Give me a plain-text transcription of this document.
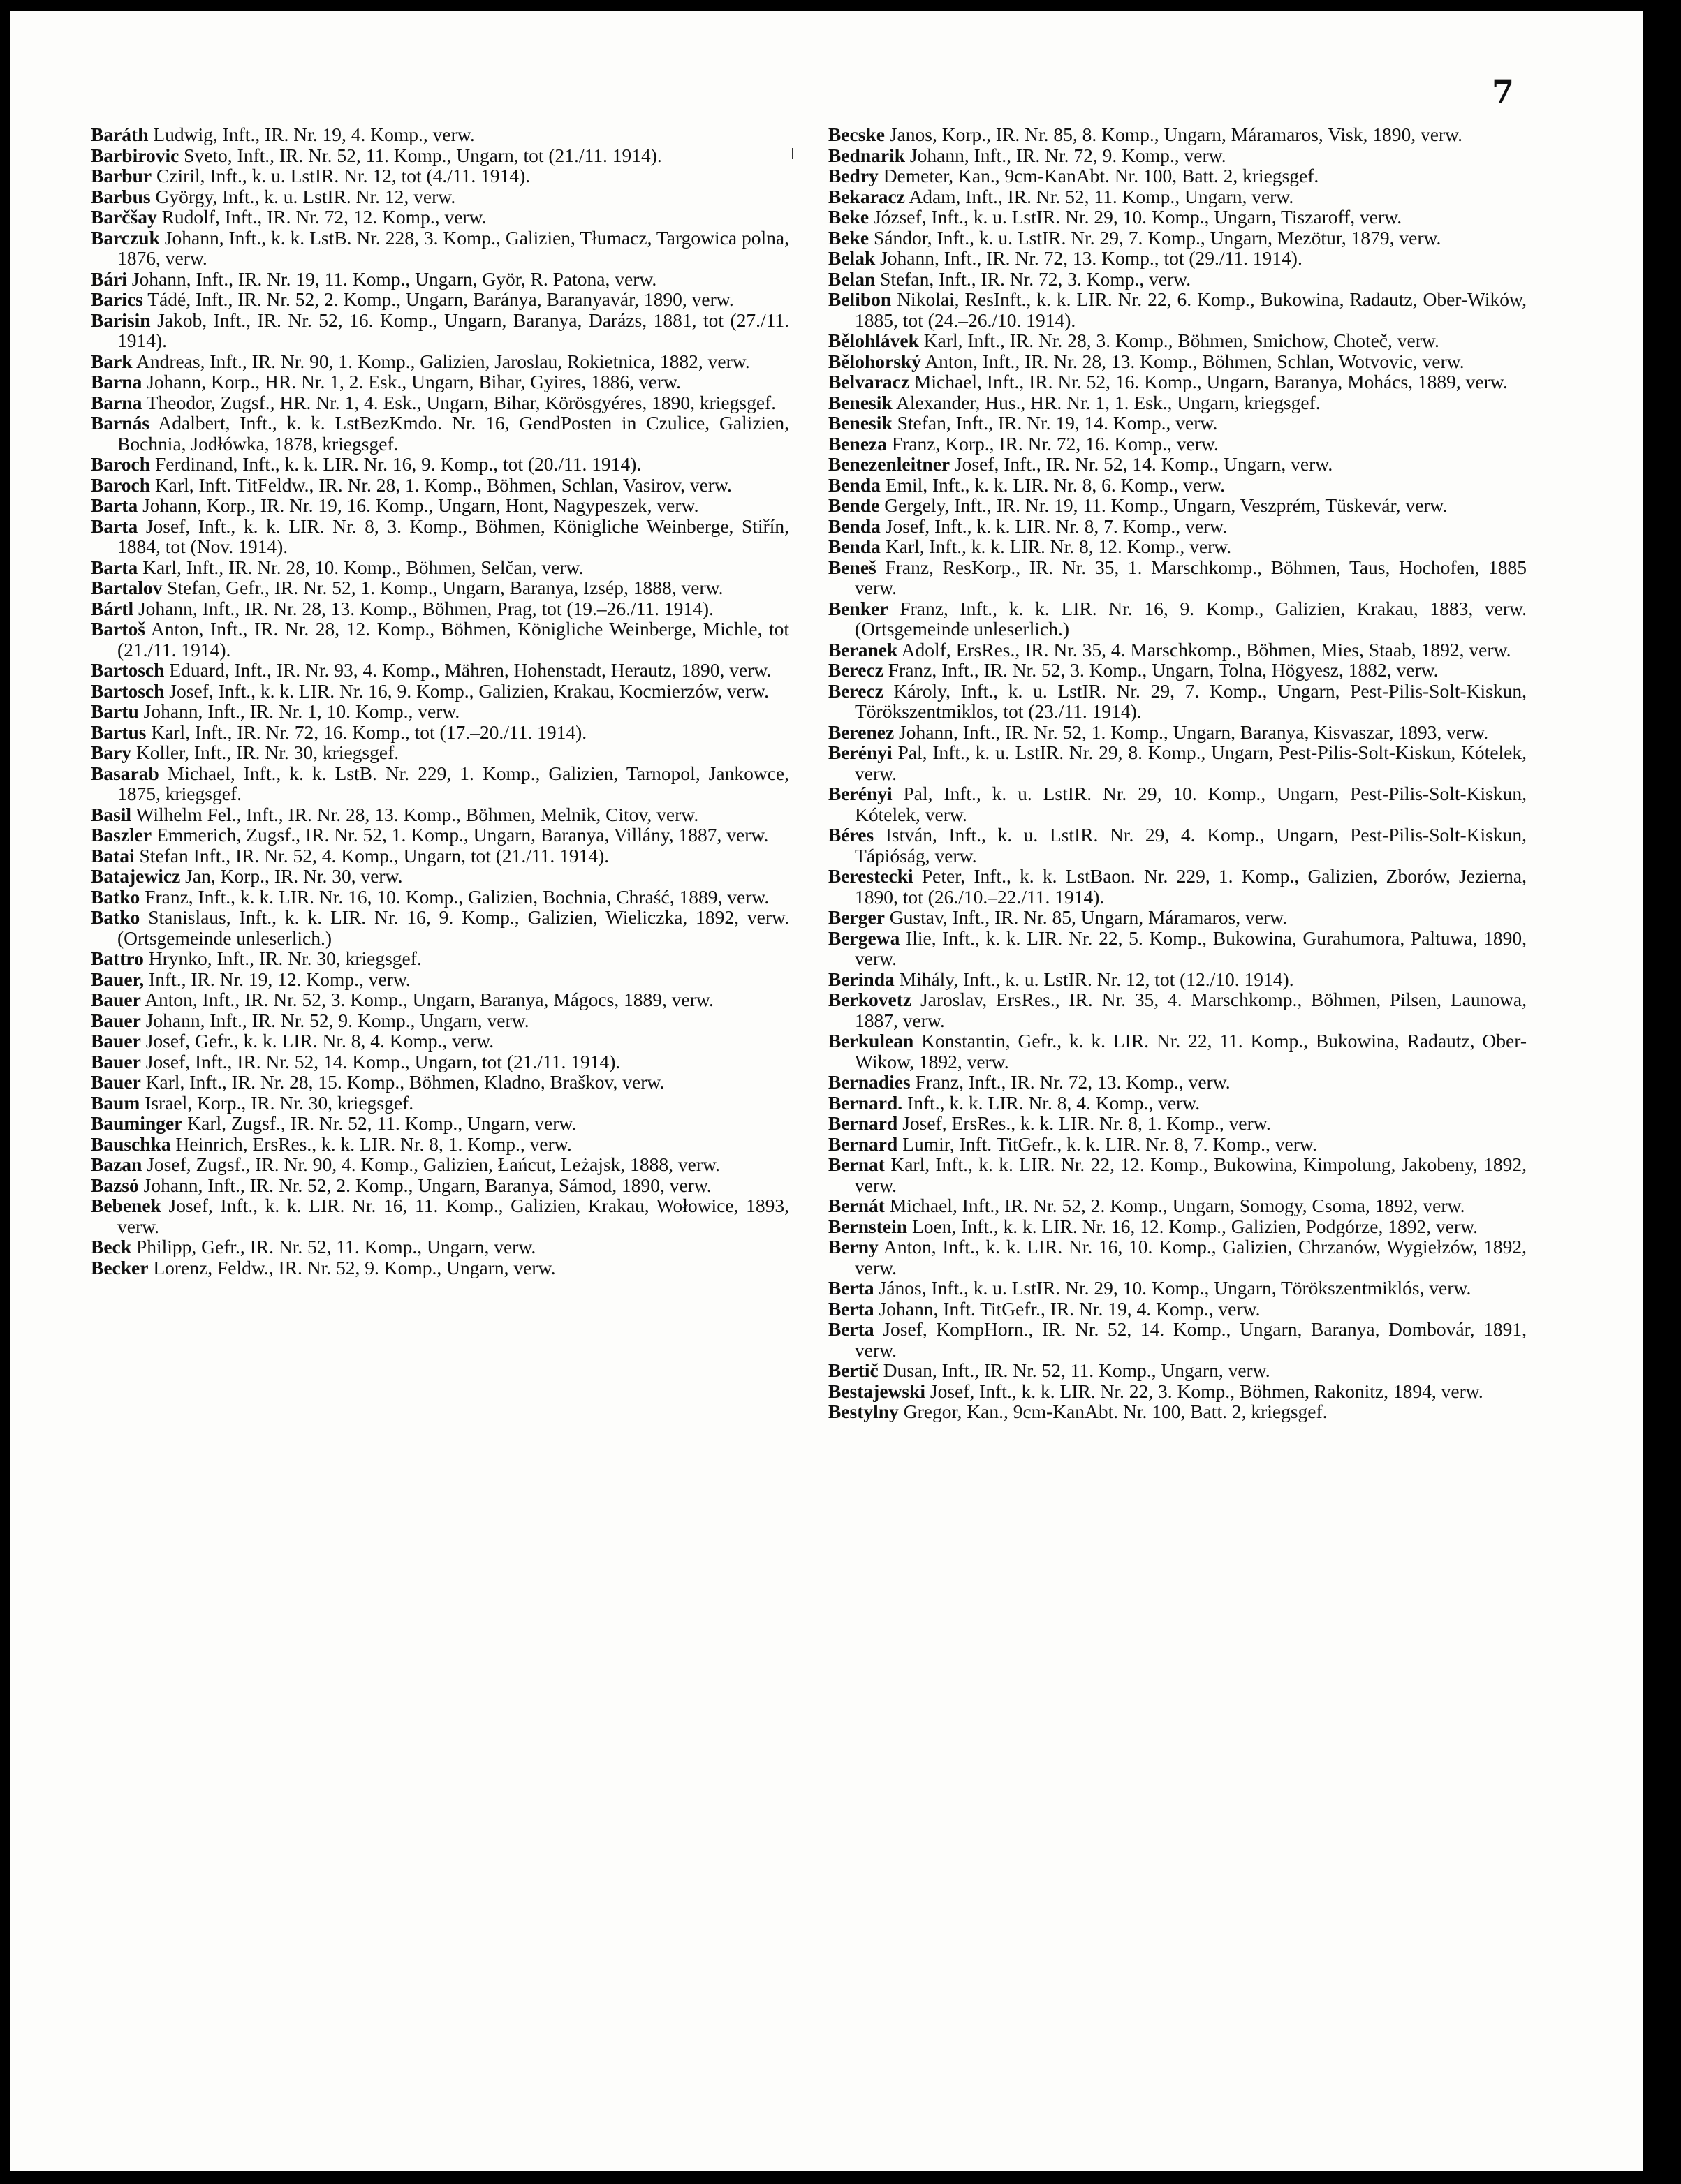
7

Baráth Ludwig, Inft., IR. Nr. 19, 4. Komp., verw.

Barbirovic Sveto, Inft., IR. Nr. 52, 11. Komp., Ungarn, tot (21./11. 1914).

Barbur Cziril, Inft., k. u. LstIR. Nr. 12, tot (4./11. 1914).

Barbus György, Inft., k. u. LstIR. Nr. 12, verw.

Barčšay Rudolf, Inft., IR. Nr. 72, 12. Komp., verw.

Barczuk Johann, Inft., k. k. LstB. Nr. 228, 3. Komp., Galizien, Tłumacz, Targowica polna, 1876, verw.

Bári Johann, Inft., IR. Nr. 19, 11. Komp., Ungarn, Györ, R. Patona, verw.

Barics Tádé, Inft., IR. Nr. 52, 2. Komp., Ungarn, Baránya, Baranyavár, 1890, verw.

Barisin Jakob, Inft., IR. Nr. 52, 16. Komp., Ungarn, Baranya, Darázs, 1881, tot (27./11. 1914).

Bark Andreas, Inft., IR. Nr. 90, 1. Komp., Galizien, Jaroslau, Rokietnica, 1882, verw.

Barna Johann, Korp., HR. Nr. 1, 2. Esk., Ungarn, Bihar, Gyires, 1886, verw.

Barna Theodor, Zugsf., HR. Nr. 1, 4. Esk., Ungarn, Bihar, Körösgyéres, 1890, kriegsgef.

Barnás Adalbert, Inft., k. k. LstBezKmdo. Nr. 16, GendPosten in Czulice, Galizien, Bochnia, Jodłówka, 1878, kriegsgef.

Baroch Ferdinand, Inft., k. k. LIR. Nr. 16, 9. Komp., tot (20./11. 1914).

Baroch Karl, Inft. TitFeldw., IR. Nr. 28, 1. Komp., Böhmen, Schlan, Vasirov, verw.

Barta Johann, Korp., IR. Nr. 19, 16. Komp., Ungarn, Hont, Nagypeszek, verw.

Barta Josef, Inft., k. k. LIR. Nr. 8, 3. Komp., Böhmen, Königliche Weinberge, Stiřín, 1884, tot (Nov. 1914).

Barta Karl, Inft., IR. Nr. 28, 10. Komp., Böhmen, Selčan, verw.

Bartalov Stefan, Gefr., IR. Nr. 52, 1. Komp., Ungarn, Baranya, Izsép, 1888, verw.

Bártl Johann, Inft., IR. Nr. 28, 13. Komp., Böhmen, Prag, tot (19.–26./11. 1914).

Bartoš Anton, Inft., IR. Nr. 28, 12. Komp., Böhmen, Königliche Weinberge, Michle, tot (21./11. 1914).

Bartosch Eduard, Inft., IR. Nr. 93, 4. Komp., Mähren, Hohenstadt, Herautz, 1890, verw.

Bartosch Josef, Inft., k. k. LIR. Nr. 16, 9. Komp., Galizien, Krakau, Kocmierzów, verw.

Bartu Johann, Inft., IR. Nr. 1, 10. Komp., verw.

Bartus Karl, Inft., IR. Nr. 72, 16. Komp., tot (17.–20./11. 1914).

Bary Koller, Inft., IR. Nr. 30, kriegsgef.

Basarab Michael, Inft., k. k. LstB. Nr. 229, 1. Komp., Galizien, Tarnopol, Jankowce, 1875, kriegsgef.

Basil Wilhelm Fel., Inft., IR. Nr. 28, 13. Komp., Böhmen, Melnik, Citov, verw.

Baszler Emmerich, Zugsf., IR. Nr. 52, 1. Komp., Ungarn, Baranya, Villány, 1887, verw.

Batai Stefan Inft., IR. Nr. 52, 4. Komp., Ungarn, tot (21./11. 1914).

Batajewicz Jan, Korp., IR. Nr. 30, verw.

Batko Franz, Inft., k. k. LIR. Nr. 16, 10. Komp., Galizien, Bochnia, Chraść, 1889, verw.

Batko Stanislaus, Inft., k. k. LIR. Nr. 16, 9. Komp., Galizien, Wieliczka, 1892, verw. (Ortsgemeinde unleserlich.)

Battro Hrynko, Inft., IR. Nr. 30, kriegsgef.

Bauer, Inft., IR. Nr. 19, 12. Komp., verw.

Bauer Anton, Inft., IR. Nr. 52, 3. Komp., Ungarn, Baranya, Mágocs, 1889, verw.

Bauer Johann, Inft., IR. Nr. 52, 9. Komp., Ungarn, verw.

Bauer Josef, Gefr., k. k. LIR. Nr. 8, 4. Komp., verw.

Bauer Josef, Inft., IR. Nr. 52, 14. Komp., Ungarn, tot (21./11. 1914).

Bauer Karl, Inft., IR. Nr. 28, 15. Komp., Böhmen, Kladno, Braškov, verw.

Baum Israel, Korp., IR. Nr. 30, kriegsgef.

Bauminger Karl, Zugsf., IR. Nr. 52, 11. Komp., Ungarn, verw.

Bauschka Heinrich, ErsRes., k. k. LIR. Nr. 8, 1. Komp., verw.

Bazan Josef, Zugsf., IR. Nr. 90, 4. Komp., Galizien, Łańcut, Leżajsk, 1888, verw.

Bazsó Johann, Inft., IR. Nr. 52, 2. Komp., Ungarn, Baranya, Sámod, 1890, verw.

Bebenek Josef, Inft., k. k. LIR. Nr. 16, 11. Komp., Galizien, Krakau, Wołowice, 1893, verw.

Beck Philipp, Gefr., IR. Nr. 52, 11. Komp., Ungarn, verw.

Becker Lorenz, Feldw., IR. Nr. 52, 9. Komp., Ungarn, verw.

Becske Janos, Korp., IR. Nr. 85, 8. Komp., Ungarn, Máramaros, Visk, 1890, verw.

Bednarik Johann, Inft., IR. Nr. 72, 9. Komp., verw.

Bedry Demeter, Kan., 9cm-KanAbt. Nr. 100, Batt. 2, kriegsgef.

Bekaracz Adam, Inft., IR. Nr. 52, 11. Komp., Ungarn, verw.

Beke József, Inft., k. u. LstIR. Nr. 29, 10. Komp., Ungarn, Tiszaroff, verw.

Beke Sándor, Inft., k. u. LstIR. Nr. 29, 7. Komp., Ungarn, Mezötur, 1879, verw.

Belak Johann, Inft., IR. Nr. 72, 13. Komp., tot (29./11. 1914).

Belan Stefan, Inft., IR. Nr. 72, 3. Komp., verw.

Belibon Nikolai, ResInft., k. k. LIR. Nr. 22, 6. Komp., Bukowina, Radautz, Ober-Wików, 1885, tot (24.–26./10. 1914).

Bělohlávek Karl, Inft., IR. Nr. 28, 3. Komp., Böhmen, Smichow, Choteč, verw.

Bělohorský Anton, Inft., IR. Nr. 28, 13. Komp., Böhmen, Schlan, Wotvovic, verw.

Belvaracz Michael, Inft., IR. Nr. 52, 16. Komp., Ungarn, Baranya, Mohács, 1889, verw.

Benesik Alexander, Hus., HR. Nr. 1, 1. Esk., Ungarn, kriegsgef.

Benesik Stefan, Inft., IR. Nr. 19, 14. Komp., verw.

Beneza Franz, Korp., IR. Nr. 72, 16. Komp., verw.

Benezenleitner Josef, Inft., IR. Nr. 52, 14. Komp., Ungarn, verw.

Benda Emil, Inft., k. k. LIR. Nr. 8, 6. Komp., verw.

Bende Gergely, Inft., IR. Nr. 19, 11. Komp., Ungarn, Veszprém, Tüskevár, verw.

Benda Josef, Inft., k. k. LIR. Nr. 8, 7. Komp., verw.

Benda Karl, Inft., k. k. LIR. Nr. 8, 12. Komp., verw.

Beneš Franz, ResKorp., IR. Nr. 35, 1. Marschkomp., Böhmen, Taus, Hochofen, 1885 verw.

Benker Franz, Inft., k. k. LIR. Nr. 16, 9. Komp., Galizien, Krakau, 1883, verw. (Ortsgemeinde unleserlich.)

Beranek Adolf, ErsRes., IR. Nr. 35, 4. Marschkomp., Böhmen, Mies, Staab, 1892, verw.

Berecz Franz, Inft., IR. Nr. 52, 3. Komp., Ungarn, Tolna, Högyesz, 1882, verw.

Berecz Károly, Inft., k. u. LstIR. Nr. 29, 7. Komp., Ungarn, Pest-Pilis-Solt-Kiskun, Törökszentmiklos, tot (23./11. 1914).

Berenez Johann, Inft., IR. Nr. 52, 1. Komp., Ungarn, Baranya, Kisvaszar, 1893, verw.

Berényi Pal, Inft., k. u. LstIR. Nr. 29, 8. Komp., Ungarn, Pest-Pilis-Solt-Kiskun, Kótelek, verw.

Berényi Pal, Inft., k. u. LstIR. Nr. 29, 10. Komp., Ungarn, Pest-Pilis-Solt-Kiskun, Kótelek, verw.

Béres István, Inft., k. u. LstIR. Nr. 29, 4. Komp., Ungarn, Pest-Pilis-Solt-Kiskun, Tápióság, verw.

Berestecki Peter, Inft., k. k. LstBaon. Nr. 229, 1. Komp., Galizien, Zborów, Jezierna, 1890, tot (26./10.–22./11. 1914).

Berger Gustav, Inft., IR. Nr. 85, Ungarn, Máramaros, verw.

Bergewa Ilie, Inft., k. k. LIR. Nr. 22, 5. Komp., Bukowina, Gurahumora, Paltuwa, 1890, verw.

Berinda Mihály, Inft., k. u. LstIR. Nr. 12, tot (12./10. 1914).

Berkovetz Jaroslav, ErsRes., IR. Nr. 35, 4. Marschkomp., Böhmen, Pilsen, Launowa, 1887, verw.

Berkulean Konstantin, Gefr., k. k. LIR. Nr. 22, 11. Komp., Bukowina, Radautz, Ober-Wikow, 1892, verw.

Bernadies Franz, Inft., IR. Nr. 72, 13. Komp., verw.

Bernard. Inft., k. k. LIR. Nr. 8, 4. Komp., verw.

Bernard Josef, ErsRes., k. k. LIR. Nr. 8, 1. Komp., verw.

Bernard Lumir, Inft. TitGefr., k. k. LIR. Nr. 8, 7. Komp., verw.

Bernat Karl, Inft., k. k. LIR. Nr. 22, 12. Komp., Bukowina, Kimpolung, Jakobeny, 1892, verw.

Bernát Michael, Inft., IR. Nr. 52, 2. Komp., Ungarn, Somogy, Csoma, 1892, verw.

Bernstein Loen, Inft., k. k. LIR. Nr. 16, 12. Komp., Galizien, Podgórze, 1892, verw.

Berny Anton, Inft., k. k. LIR. Nr. 16, 10. Komp., Galizien, Chrzanów, Wygiełzów, 1892, verw.

Berta János, Inft., k. u. LstIR. Nr. 29, 10. Komp., Ungarn, Törökszentmiklós, verw.

Berta Johann, Inft. TitGefr., IR. Nr. 19, 4. Komp., verw.

Berta Josef, KompHorn., IR. Nr. 52, 14. Komp., Ungarn, Baranya, Dombovár, 1891, verw.

Bertič Dusan, Inft., IR. Nr. 52, 11. Komp., Ungarn, verw.

Bestajewski Josef, Inft., k. k. LIR. Nr. 22, 3. Komp., Böhmen, Rakonitz, 1894, verw.

Bestylny Gregor, Kan., 9cm-KanAbt. Nr. 100, Batt. 2, kriegsgef.
